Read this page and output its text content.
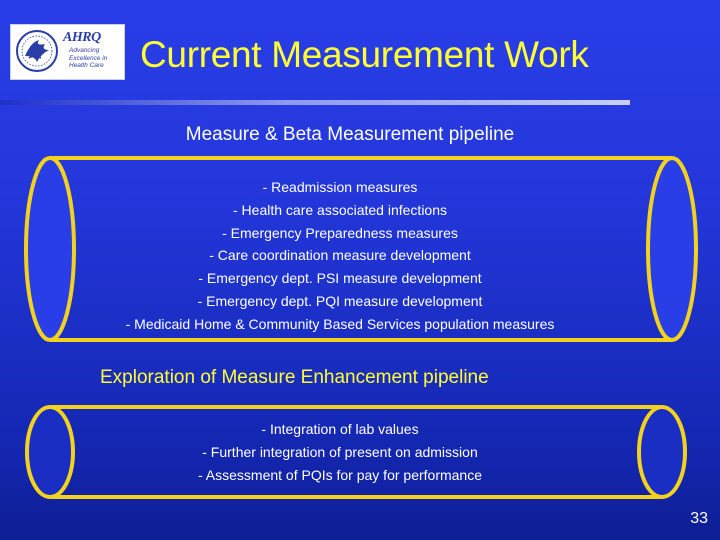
AHRQ
Advancing
Excellence in
Health Care Current Measurement Work
Measure & Beta Measurement pipeline
- Readmission measures
- Health care associated infections
- Emergency Preparedness measures
- Care coordination measure development
- Emergency dept. PSI measure development
- Emergency dept. PQI measure development
- Medicaid Home & Community Based Services population measures
Exploration of Measure Enhancement pipeline
- Integration of lab values
- Further integration of present on admission
- Assessment of PQIs for pay for performance
33
